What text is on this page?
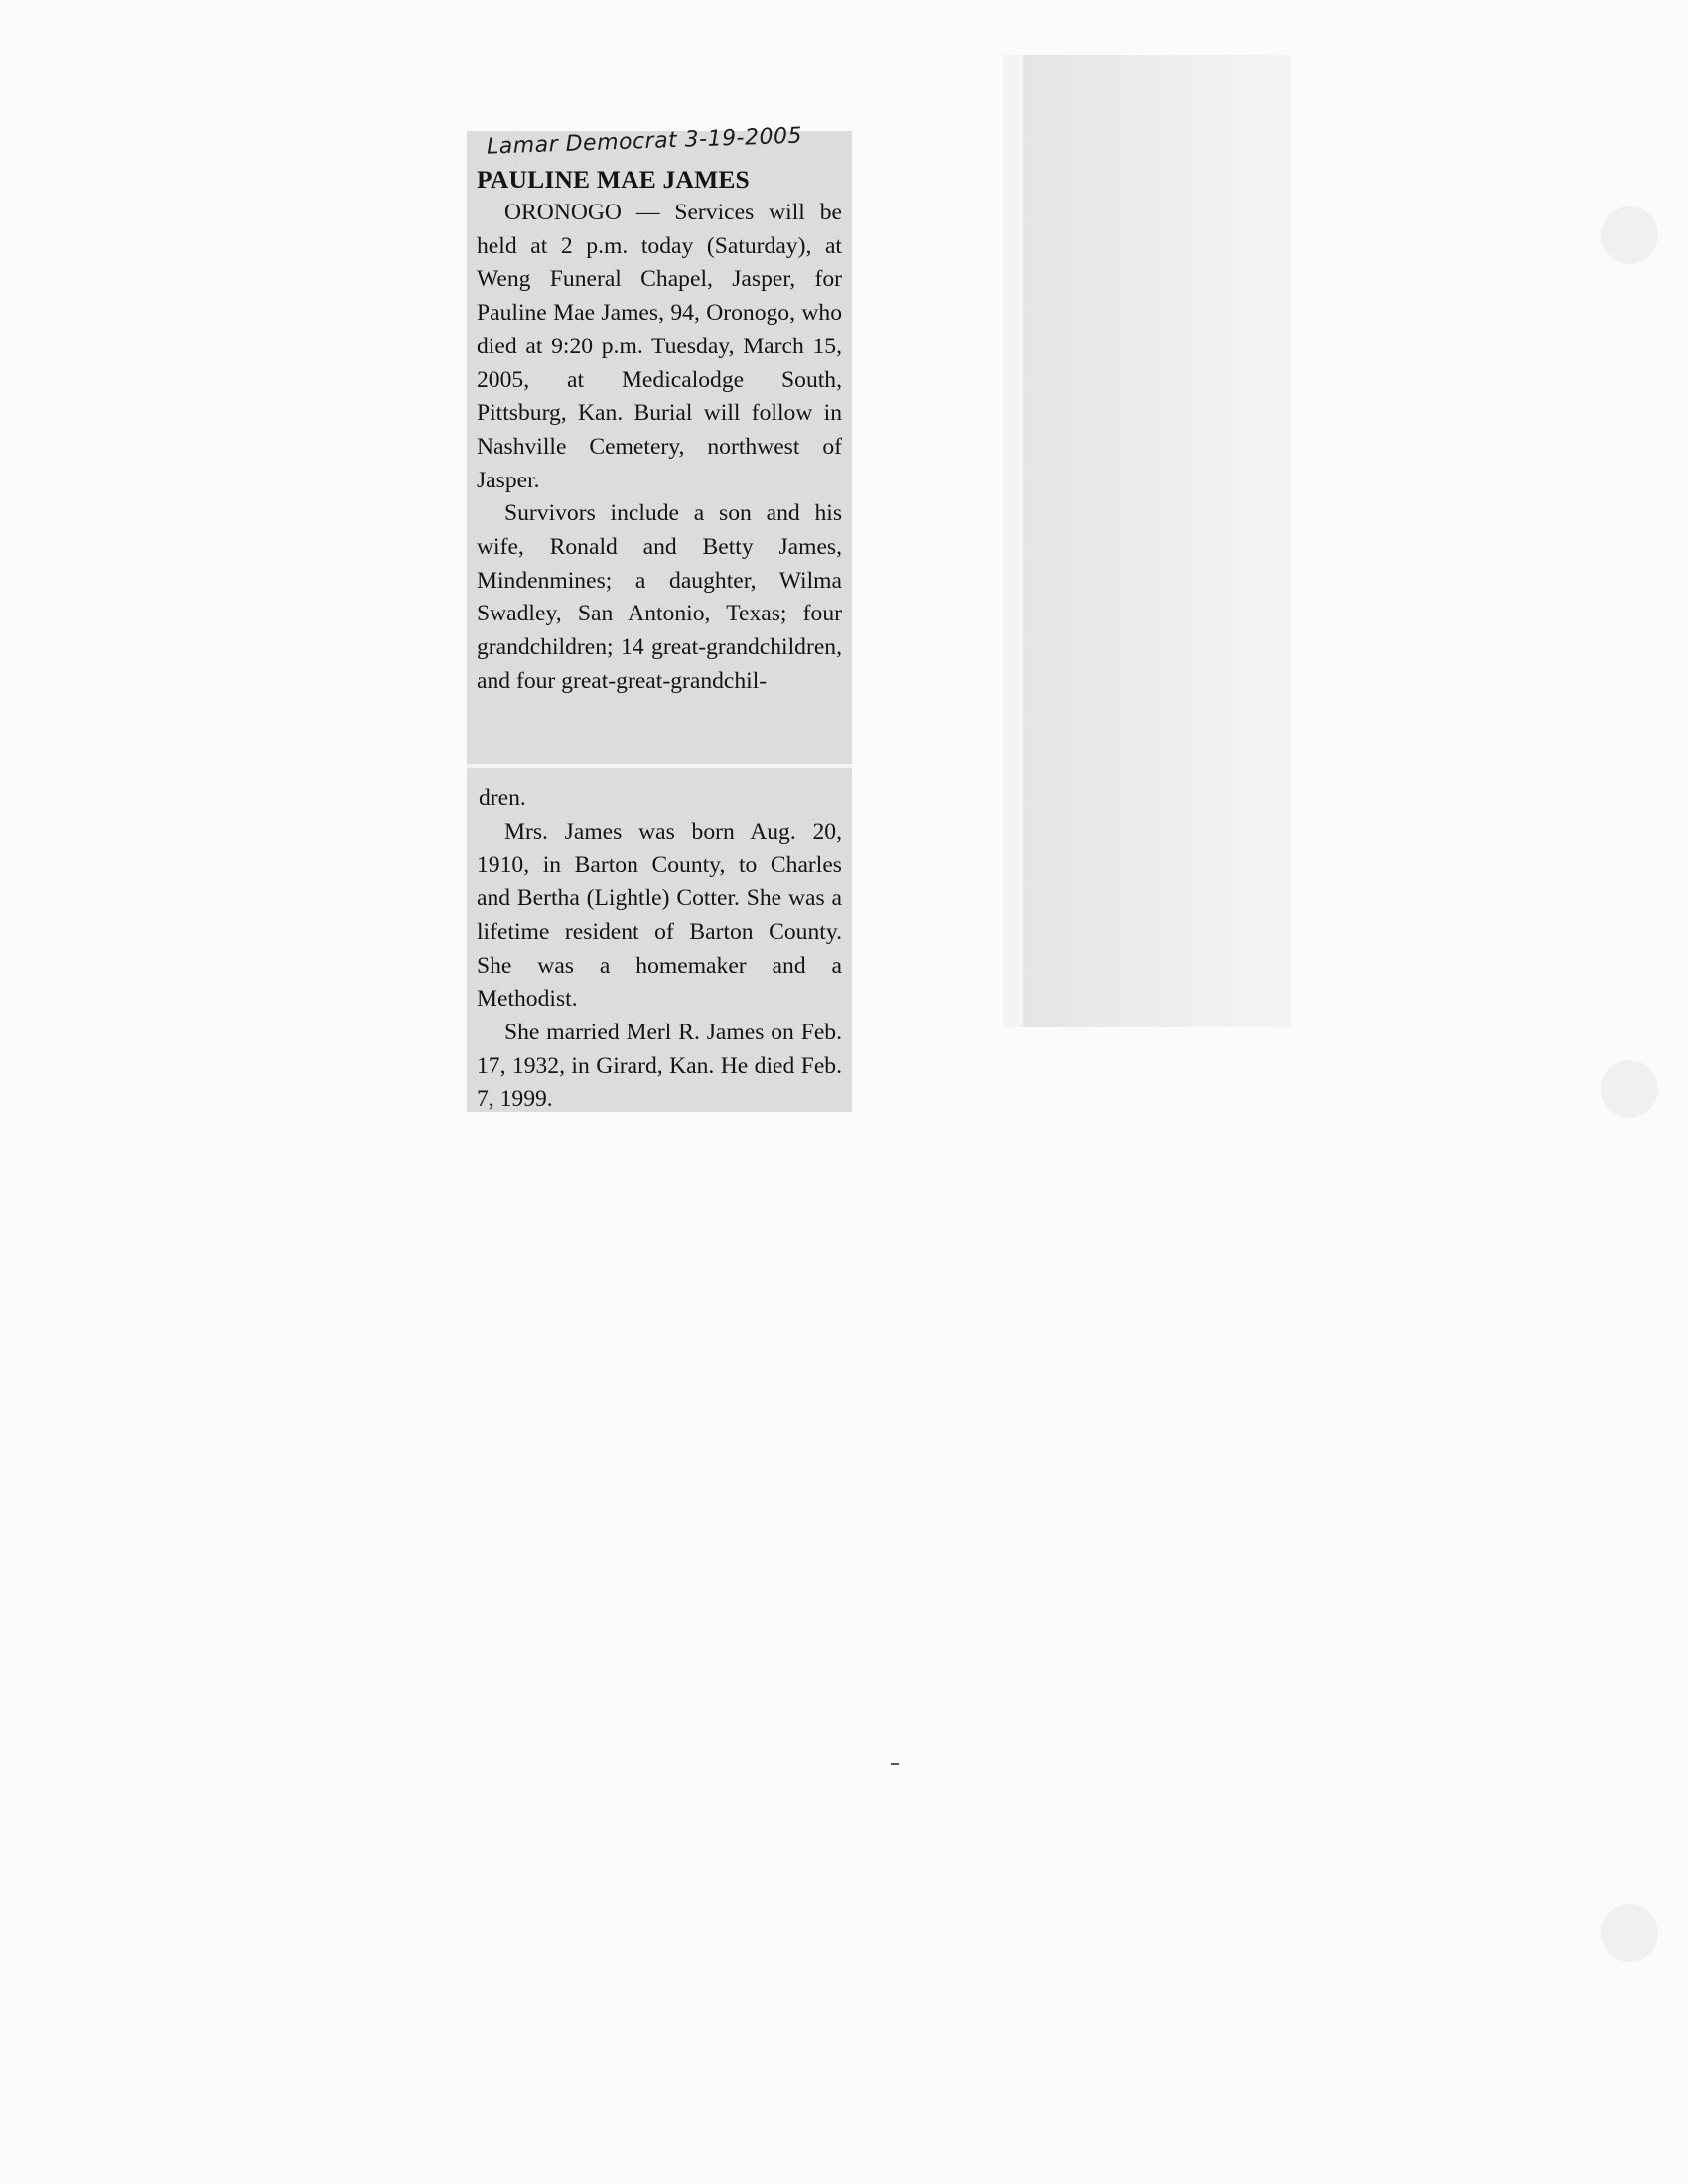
Lamar Democrat 3-19-2005
PAULINE MAE JAMES

ORONOGO — Services will be held at 2 p.m. today (Saturday), at Weng Funeral Chapel, Jasper, for Pauline Mae James, 94, Oronogo, who died at 9:20 p.m. Tuesday, March 15, 2005, at Medicalodge South, Pittsburg, Kan. Burial will follow in Nashville Cemetery, northwest of Jasper.

Survivors include a son and his wife, Ronald and Betty James, Mindenmines; a daughter, Wilma Swadley, San Antonio, Texas; four grandchildren; 14 great-grandchildren, and four great-great-grandchil-

dren.

Mrs. James was born Aug. 20, 1910, in Barton County, to Charles and Bertha (Lightle) Cotter. She was a lifetime resident of Barton County. She was a homemaker and a Methodist.

She married Merl R. James on Feb. 17, 1932, in Girard, Kan. He died Feb. 7, 1999.
